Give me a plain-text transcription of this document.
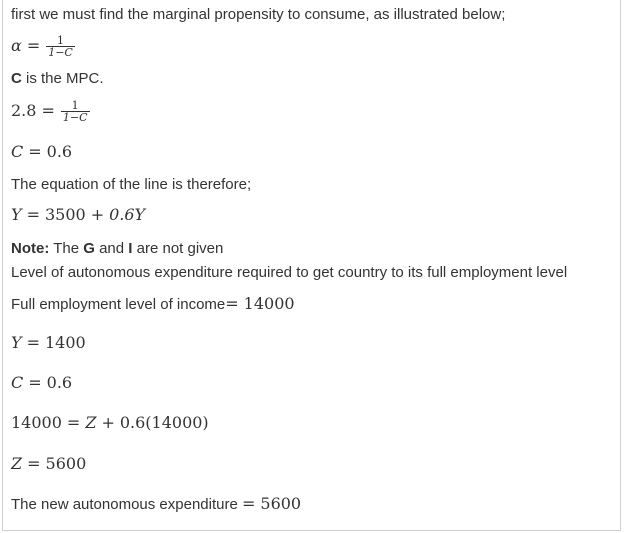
first we must find the marginal propensity to consume, as illustrated below;
$\alpha = \frac{1}{1-C}$
C is the MPC.
$2.8 = \frac{1}{1-C}$
C = 0.6
The equation of the line is therefore;
Y = 3500 + 0.6Y
Note: The G and I are not given
Level of autonomous expenditure required to get country to its full employment level
Full employment level of income= 14000
Y = 1400
C = 0.6
14000 = Z + 0.6(14000)
Z = 5600
The new autonomous expenditure = 5600
